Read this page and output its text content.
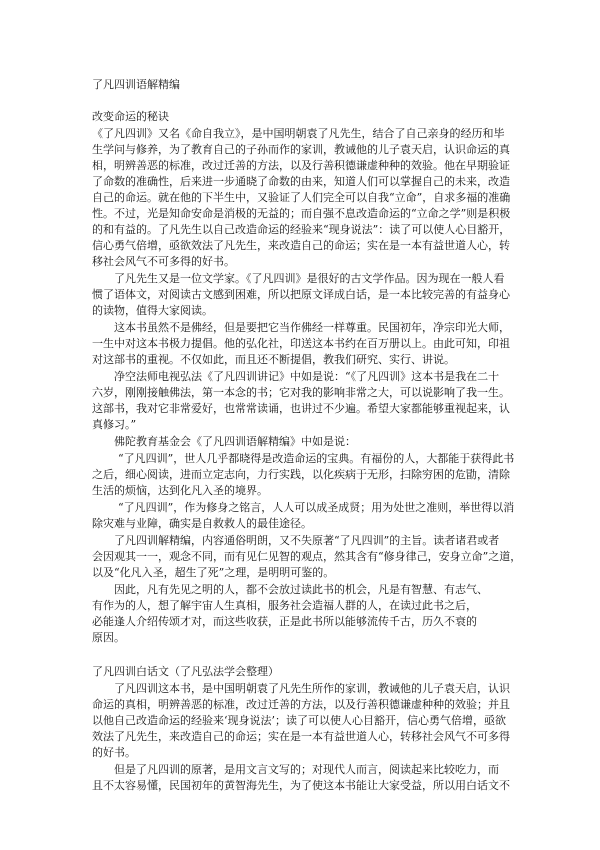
了凡四训语解精编
改变命运的秘诀
《了凡四训》又名《命自我立》，是中国明朝袁了凡先生，结合了自己亲身的经历和毕
生学问与修养，为了教育自己的子孙而作的家训，教诫他的儿子袁天启，认识命运的真
相，明辨善恶的标准，改过迁善的方法，以及行善积德谦虚种种的效验。他在早期验证
了命数的准确性，后来进一步通晓了命数的由来，知道人们可以掌握自己的未来，改造
自己的命运。就在他的下半生中，又验证了人们完全可以自我“立命”，自求多福的准确
性。不过，光是知命安命是消极的无益的；而自强不息改造命运的“立命之学”则是积极
的和有益的。了凡先生以自己改造命运的经验来“现身说法”：读了可以使人心目豁开，
信心勇气倍增，亟欲效法了凡先生，来改造自己的命运；实在是一本有益世道人心，转
移社会风气不可多得的好书。
了凡先生又是一位文学家。《了凡四训》是很好的古文学作品。因为现在一般人看
惯了语体文，对阅读古文感到困难，所以把原文译成白话，是一本比较完善的有益身心
的读物，值得大家阅读。
这本书虽然不是佛经，但是要把它当作佛经一样尊重。民国初年，净宗印光大师，
一生中对这本书极力提倡。他的弘化社，印送这本书约在百万册以上。由此可知，印祖
对这部书的重视。不仅如此，而且还不断提倡，教我们研究、实行、讲说。
净空法师电视弘法《了凡四训讲记》中如是说：“《了凡四训》这本书是我在二十
六岁，刚刚接触佛法，第一本念的书；它对我的影响非常之大，可以说影响了我一生。
这部书，我对它非常爱好，也常常读诵，也讲过不少遍。希望大家都能够重视起来，认
真修习。”
佛陀教育基金会《了凡四训语解精编》中如是说：
“了凡四训”，世人几乎都晓得是改造命运的宝典。有福份的人，大都能于获得此书
之后，细心阅读，进而立定志向，力行实践，以化疾病于无形，扫除穷困的危勖，清除
生活的烦恼，达到化凡入圣的境界。
“了凡四训”，作为修身之铭言，人人可以成圣成贤；用为处世之准则，举世得以消
除灾难与业障，确实是自救救人的最佳途径。
了凡四训解精编，内容通俗明朗，又不失原著“了凡四训”的主旨。读者诸君或者
会因观其一一，观念不同，而有见仁见智的观点，然其含有“修身律己，安身立命”之道，
以及“化凡入圣，超生了死”之理，是明明可鉴的。
因此，凡有先见之明的人，都不会放过读此书的机会，凡是有智慧、有志气、
有作为的人，想了解宇宙人生真相，服务社会造福人群的人，在读过此书之后，
必能逢人介绍传颂才对，而这些收获，正是此书所以能够流传千古，历久不衰的
原因。
了凡四训白话文（了凡弘法学会整理）
了凡四训这本书，是中国明朝袁了凡先生所作的家训，教诫他的儿子袁天启，认识
命运的真相，明辨善恶的标准，改过迁善的方法，以及行善积德谦虚种种的效验；并且
以他自己改造命运的经验来‘现身说法’；读了可以使人心目豁开，信心勇气倍增，亟欲
效法了凡先生，来改造自己的命运；实在是一本有益世道人心，转移社会风气不可多得
的好书。
但是了凡四训的原著，是用文言文写的；对现代人而言，阅读起来比较吃力，而
且不太容易懂，民国初年的黄智海先生，为了使这本书能让大家受益，所以用白话文不
